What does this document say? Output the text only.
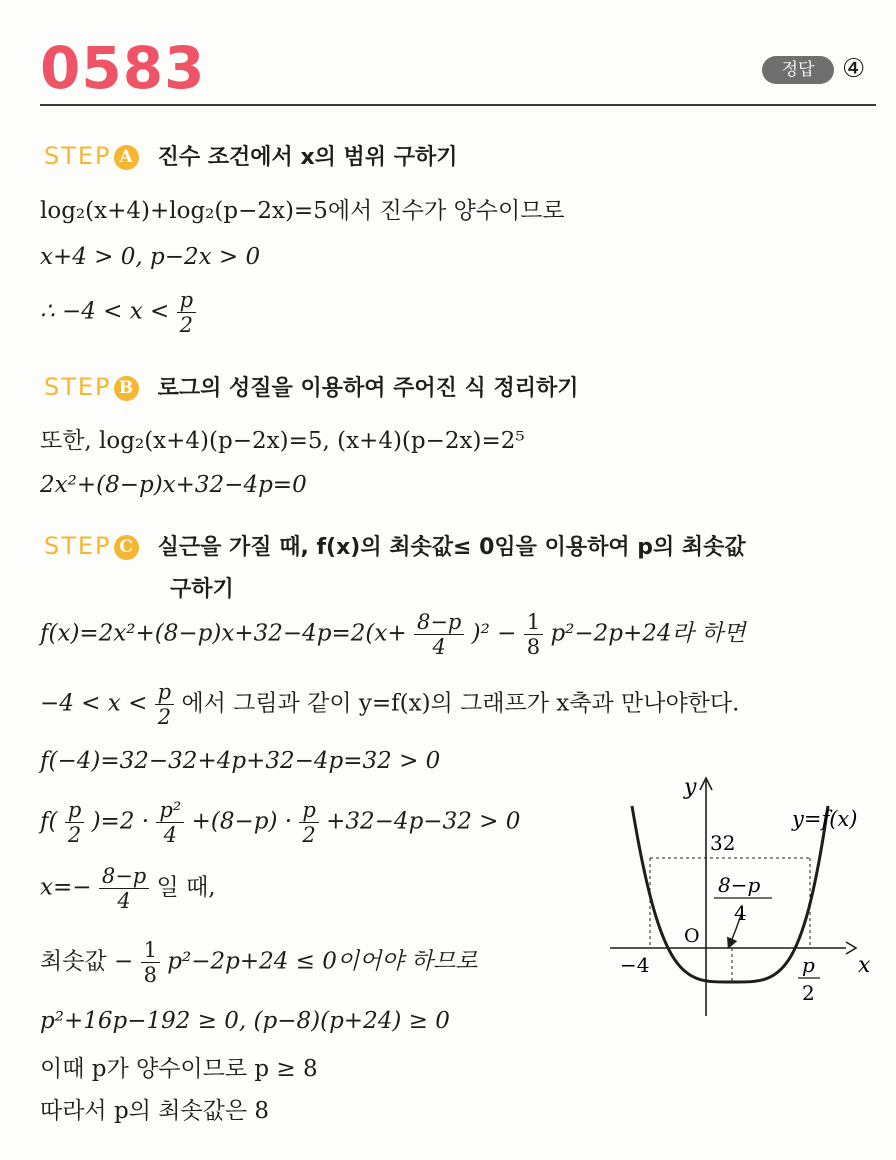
0583	정답	④
STEP A 진수 조건에서 x의 범위 구하기
log₂(x+4)+log₂(p−2x)=5에서 진수가 양수이므로
x+4 > 0, p−2x > 0
∴ $-4 < x < \frac{p}{2}$
STEP B 로그의 성질을 이용하여 주어진 식 정리하기
또한, log₂(x+4)(p−2x)=5, (x+4)(p−2x)=2⁵
2x²+(8−p)x+32−4p=0
STEP C 실근을 가질 때, f(x)의 최솟값≤ 0임을 이용하여 p의 최솟값
구하기
$f(x)=2x^2+(8-p)x+32-4p=2(x+ \frac{8-p}{4} )^2 - \frac{1}{8} p^2-2p+24$라 하면
$-4 < x < \frac{p}{2}$ 에서 그림과 같이 y=f(x)의 그래프가 x축과 만나야한다.
f(−4)=32−32+4p+32−4p=32 > 0
$f( \frac{p}{2} )=2 \cdot \frac{\text{p²}}{4} +(8-p) \cdot \frac{p}{2} +32-4p-32 > 0$
$x=- \frac{8-p}{4}$ 일 때,
최솟값 − $\frac{1}{8} p^2-2p+24 \le 0$이어야 하므로
p²+16p−192 ≥ 0, (p−8)(p+24) ≥ 0
이때 p가 양수이므로 p ≥ 8
따라서 p의 최솟값은 8
y
x
y=f(x)
32
O
−4	p
2
8−p
4
